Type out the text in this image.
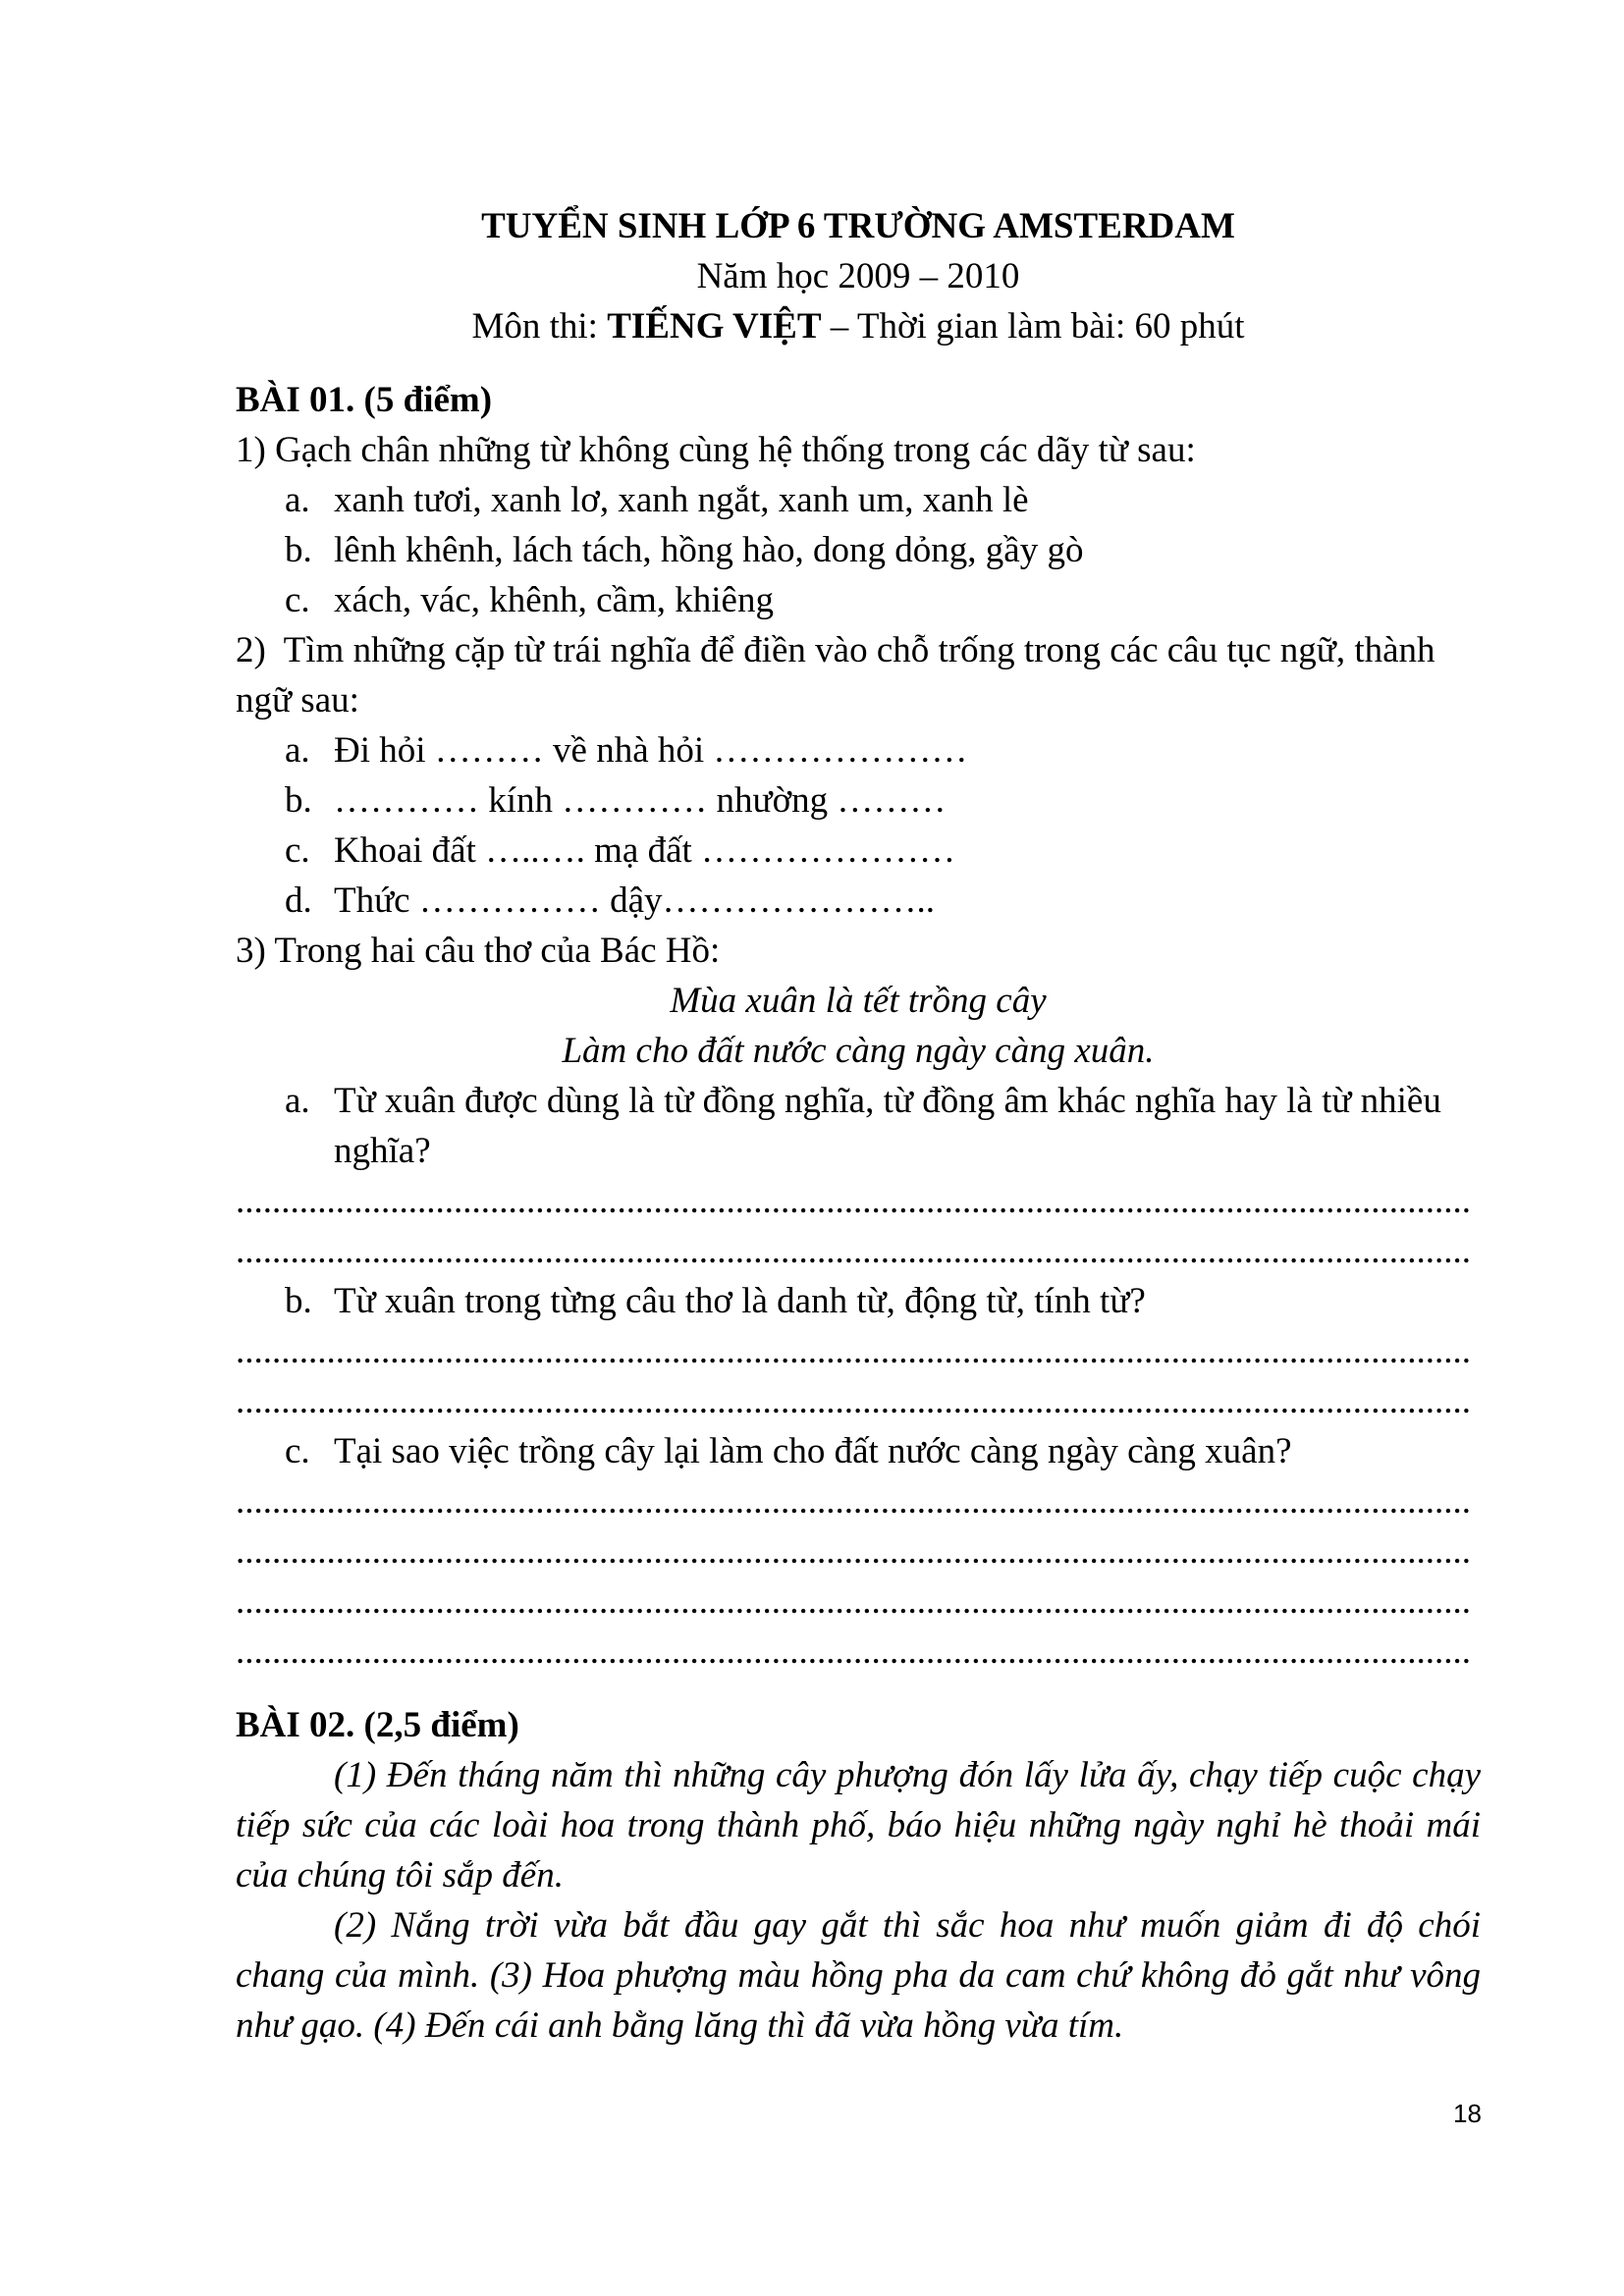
TUYỂN SINH LỚP 6 TRƯỜNG AMSTERDAM
Năm học 2009 – 2010
Môn thi: TIẾNG VIỆT – Thời gian làm bài: 60 phút
BÀI 01. (5 điểm)
1) Gạch chân những từ không cùng hệ thống trong các dãy từ sau:
a. xanh tươi, xanh lơ, xanh ngắt, xanh um, xanh lè
b. lênh khênh, lách tách, hồng hào, dong dỏng, gầy gò
c. xách, vác, khênh, cầm, khiêng
2)  Tìm những cặp từ trái nghĩa để điền vào chỗ trống trong các câu tục ngữ, thành
ngữ sau:
a. Đi hỏi ……… về nhà hỏi …………………
b. ………… kính ………… nhường ………
c. Khoai đất …..…. mạ đất …………………
d. Thức …………… dậy…………………..
3) Trong hai câu thơ của Bác Hồ:
Mùa xuân là tết trồng cây
Làm cho đất nước càng ngày càng xuân.
a. Từ xuân được dùng là từ đồng nghĩa, từ đồng âm khác nghĩa hay là từ nhiều
nghĩa?
........................................................................................................................................
........................................................................................................................................
b. Từ xuân trong từng câu thơ là danh từ, động từ, tính từ?
........................................................................................................................................
........................................................................................................................................
c. Tại sao việc trồng cây lại làm cho đất nước càng ngày càng xuân?
........................................................................................................................................
........................................................................................................................................
........................................................................................................................................
........................................................................................................................................
BÀI 02. (2,5 điểm)
(1) Đến tháng năm thì những cây phượng đón lấy lửa ấy, chạy tiếp cuộc chạy tiếp sức của các loài hoa trong thành phố, báo hiệu những ngày nghỉ hè thoải mái của chúng tôi sắp đến.
(2) Nắng trời vừa bắt đầu gay gắt thì sắc hoa như muốn giảm đi độ chói chang của mình. (3) Hoa phượng màu hồng pha da cam chứ không đỏ gắt như vông như gạo. (4) Đến cái anh bằng lăng thì đã vừa hồng vừa tím.
18
